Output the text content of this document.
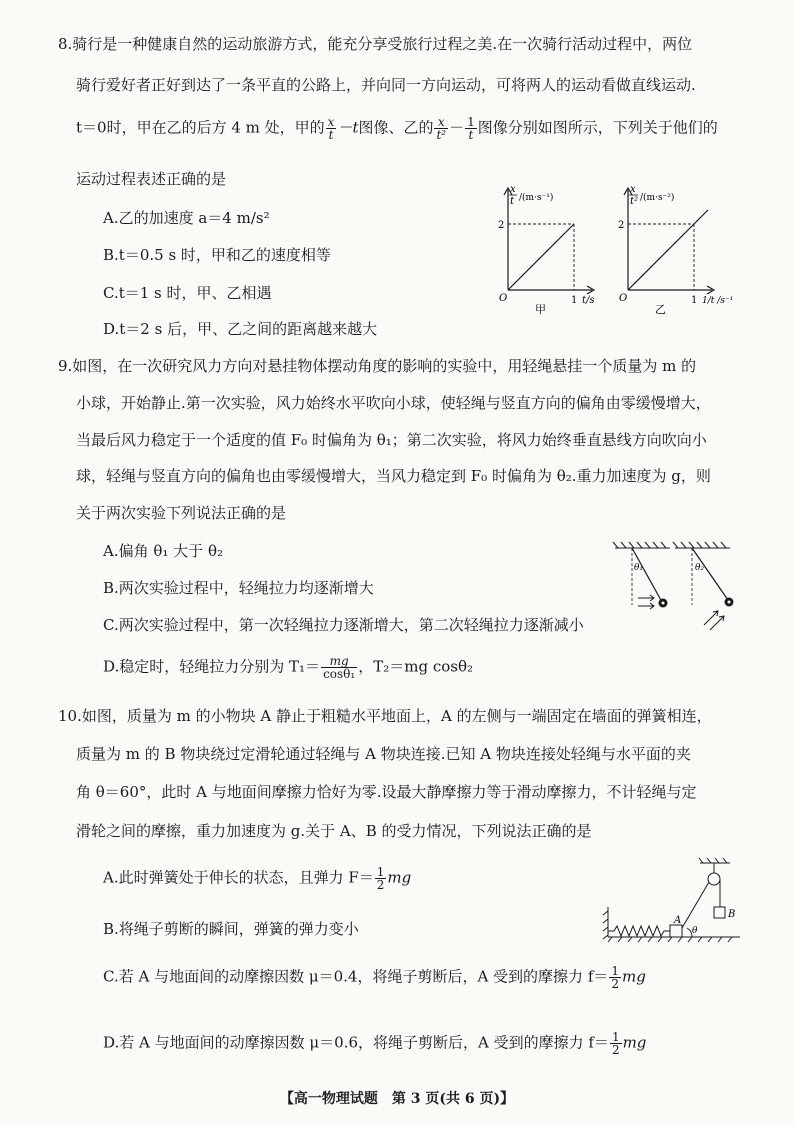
8.骑行是一种健康自然的运动旅游方式，能充分享受旅行过程之美.在一次骑行活动过程中，两位
骑行爱好者正好到达了一条平直的公路上，并向同一方向运动，可将两人的运动看做直线运动.
t＝0时，甲在乙的后方 4 m 处，甲的 $\frac{x}{t} -t$图像、乙的 $\frac{x}{\text{t²}} - \frac{1}{t}$ 图像分别如图所示，下列关于他们的
运动过程表述正确的是
A.乙的加速度 a＝4 m/s²
B.t＝0.5 s 时，甲和乙的速度相等
C.t＝1 s 时，甲、乙相遇
D.t＝2 s 后，甲、乙之间的距离越来越大
x
t /(m·s⁻¹)
2
1 t/s
O
甲
x
t² /(m·s⁻²)
2
1 1/t /s⁻¹
O
乙
9.如图，在一次研究风力方向对悬挂物体摆动角度的影响的实验中，用轻绳悬挂一个质量为 m 的
小球，开始静止.第一次实验，风力始终水平吹向小球，使轻绳与竖直方向的偏角由零缓慢增大，
当最后风力稳定于一个适度的值 F₀ 时偏角为 θ₁；第二次实验，将风力始终垂直悬线方向吹向小
球，轻绳与竖直方向的偏角也由零缓慢增大，当风力稳定到 F₀ 时偏角为 θ₂.重力加速度为 g，则
关于两次实验下列说法正确的是
A.偏角 θ₁ 大于 θ₂
B.两次实验过程中，轻绳拉力均逐渐增大
C.两次实验过程中，第一次轻绳拉力逐渐增大，第二次轻绳拉力逐渐减小
D.稳定时，轻绳拉力分别为 $T_1= \frac{mg}{\text{cosθ₁}}$ ，T₂＝mg cosθ₂
θ₁	θ₂
10.如图，质量为 m 的小物块 A 静止于粗糙水平地面上，A 的左侧与一端固定在墙面的弹簧相连，
质量为 m 的 B 物块绕过定滑轮通过轻绳与 A 物块连接.已知 A 物块连接处轻绳与水平面的夹
角 θ＝60°，此时 A 与地面间摩擦力恰好为零.设最大静摩擦力等于滑动摩擦力，不计轻绳与定
滑轮之间的摩擦，重力加速度为 g.关于 A、B 的受力情况，下列说法正确的是
A.此时弹簧处于伸长的状态，且弹力 $F= \frac{1}{2}$ mg
B.将绳子剪断的瞬间，弹簧的弹力变小
C.若 A 与地面间的动摩擦因数 μ＝0.4，将绳子剪断后，A 受到的摩擦力 $f= \frac{1}{2}$ mg
D.若 A 与地面间的动摩擦因数 μ＝0.6，将绳子剪断后，A 受到的摩擦力 $f= \frac{1}{2}$ mg
A
B
θ
【高一物理试题　第 3 页(共 6 页)】
